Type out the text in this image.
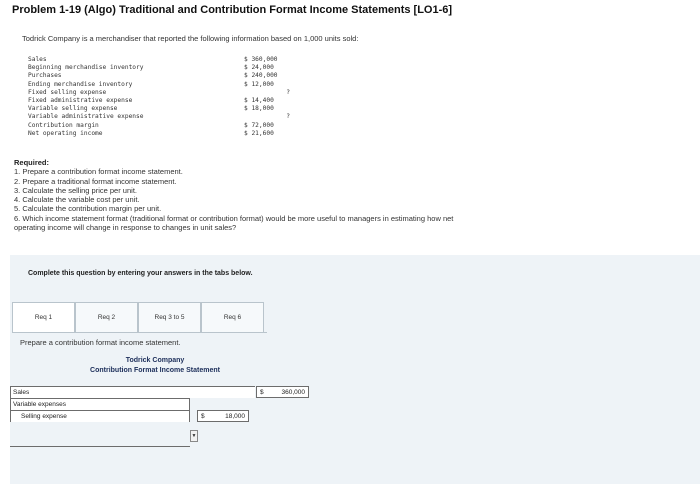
Problem 1-19 (Algo) Traditional and Contribution Format Income Statements [LO1-6]
Todrick Company is a merchandiser that reported the following information based on 1,000 units sold:
Sales	$ 360,000
Beginning merchandise inventory	$ 24,000
Purchases	$ 240,000
Ending merchandise inventory	$ 12,000
Fixed selling expense	?
Fixed administrative expense	$ 14,400
Variable selling expense	$ 18,000
Variable administrative expense	?
Contribution margin	$ 72,000
Net operating income	$ 21,600
Required:
1. Prepare a contribution format income statement.
2. Prepare a traditional format income statement.
3. Calculate the selling price per unit.
4. Calculate the variable cost per unit.
5. Calculate the contribution margin per unit.
6. Which income statement format (traditional format or contribution format) would be more useful to managers in estimating how net
operating income will change in response to changes in unit sales?
Complete this question by entering your answers in the tabs below.
Req 1	Req 2	Req 3 to 5	Req 6
Prepare a contribution format income statement.
Todrick Company
Contribution Format Income Statement
Sales	$	360,000
Variable expenses
Selling expense	$	18,000
▼
